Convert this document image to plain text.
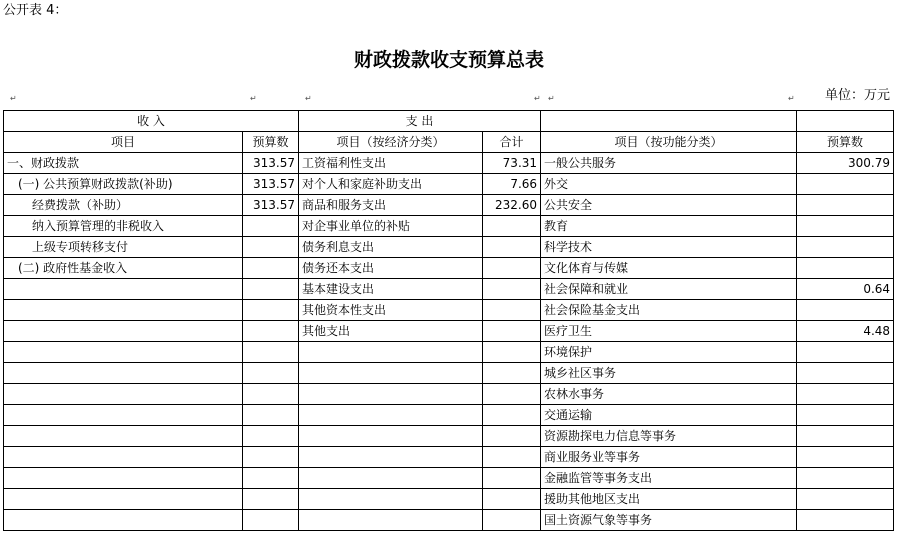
公开表 4：
财政拨款收支预算总表
单位：万元
↵	↵	↵	↵ ↵	↵
收 入		支 出			
项目	预算数	项目（按经济分类）	合计	项目（按功能分类）	预算数
一、财政拨款	313.57	工资福利性支出	73.31	一般公共服务	300.79
(一) 公共预算财政拨款(补助)	313.57	对个人和家庭补助支出	7.66	外交	
经费拨款（补助）	313.57	商品和服务支出	232.60	公共安全	
纳入预算管理的非税收入		对企事业单位的补贴		教育	
上级专项转移支付		债务利息支出		科学技术	
(二) 政府性基金收入		债务还本支出		文化体育与传媒	
		基本建设支出		社会保障和就业	0.64
		其他资本性支出		社会保险基金支出	
		其他支出		医疗卫生	4.48
				环境保护	
				城乡社区事务	
				农林水事务	
				交通运输	
				资源勘探电力信息等事务	
				商业服务业等事务	
				金融监管等事务支出	
				援助其他地区支出	
				国土资源气象等事务	
